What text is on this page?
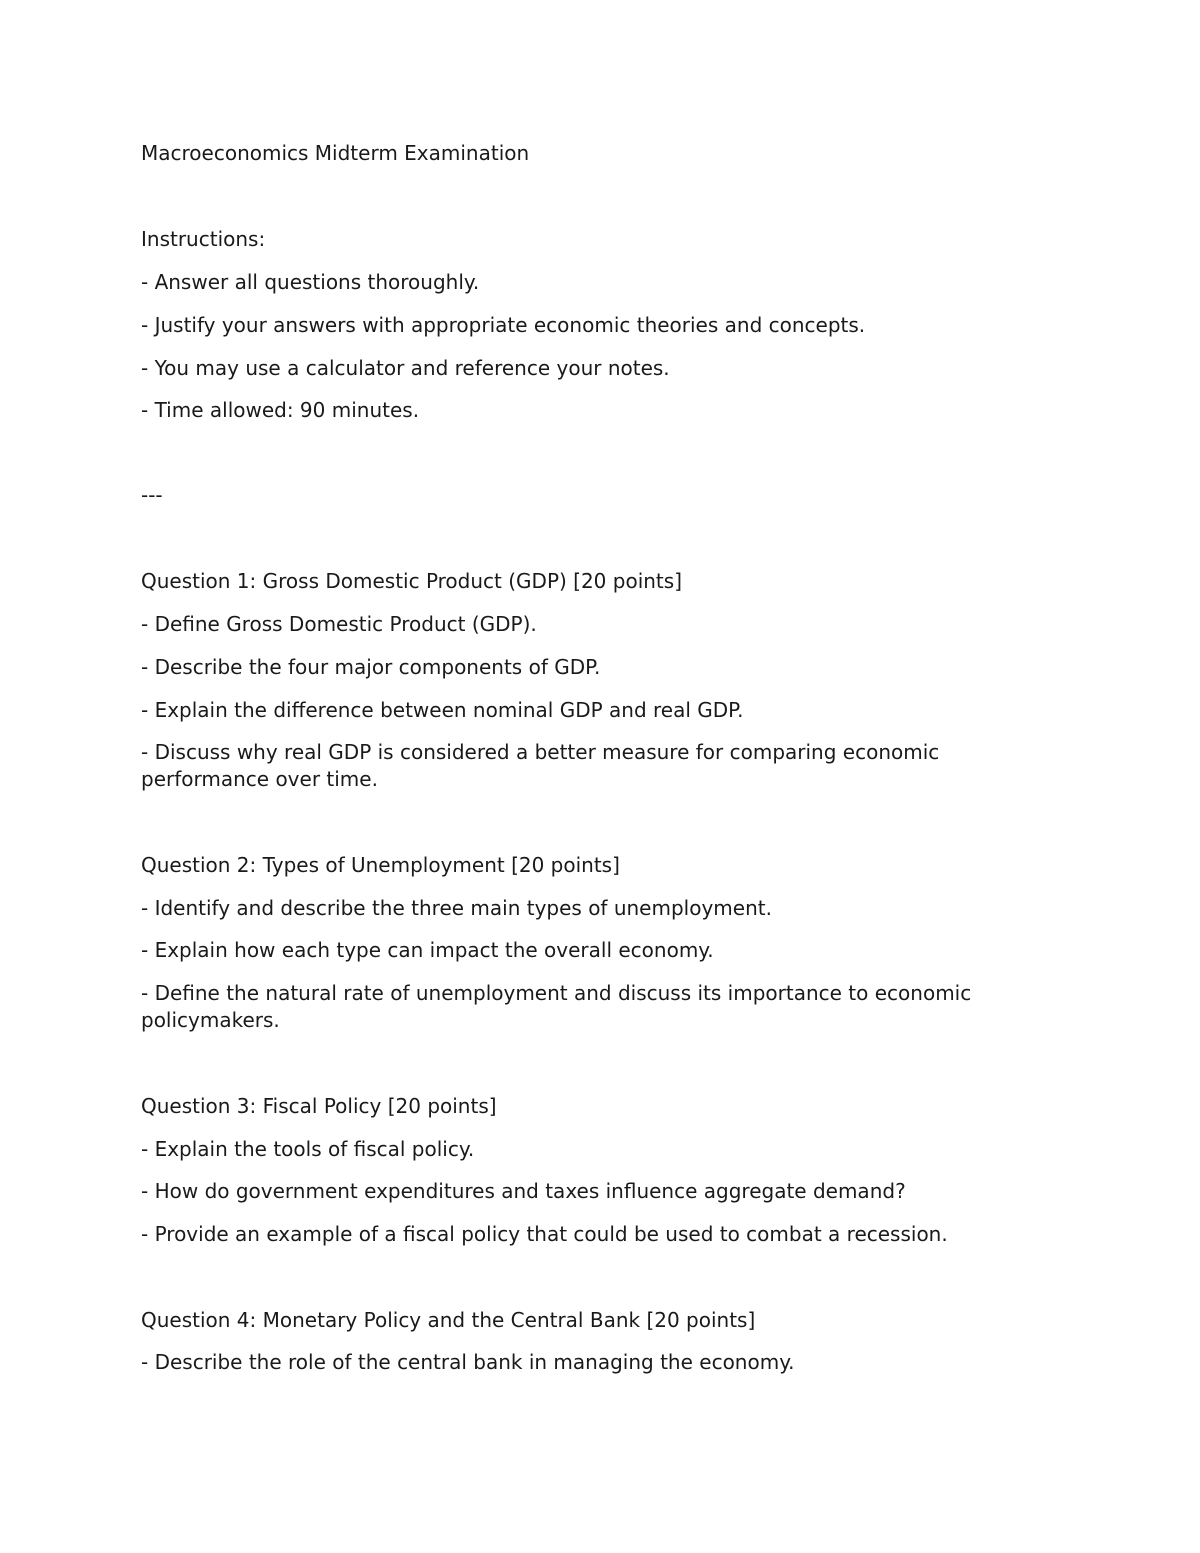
Macroeconomics Midterm Examination

Instructions:

- Answer all questions thoroughly.

- Justify your answers with appropriate economic theories and concepts.

- You may use a calculator and reference your notes.

- Time allowed: 90 minutes.

---

Question 1: Gross Domestic Product (GDP) [20 points]

- Define Gross Domestic Product (GDP).

- Describe the four major components of GDP.

- Explain the difference between nominal GDP and real GDP.

- Discuss why real GDP is considered a better measure for comparing economic performance over time.

Question 2: Types of Unemployment [20 points]

- Identify and describe the three main types of unemployment.

- Explain how each type can impact the overall economy.

- Define the natural rate of unemployment and discuss its importance to economic policymakers.

Question 3: Fiscal Policy [20 points]

- Explain the tools of fiscal policy.

- How do government expenditures and taxes influence aggregate demand?

- Provide an example of a fiscal policy that could be used to combat a recession.

Question 4: Monetary Policy and the Central Bank [20 points]

- Describe the role of the central bank in managing the economy.
